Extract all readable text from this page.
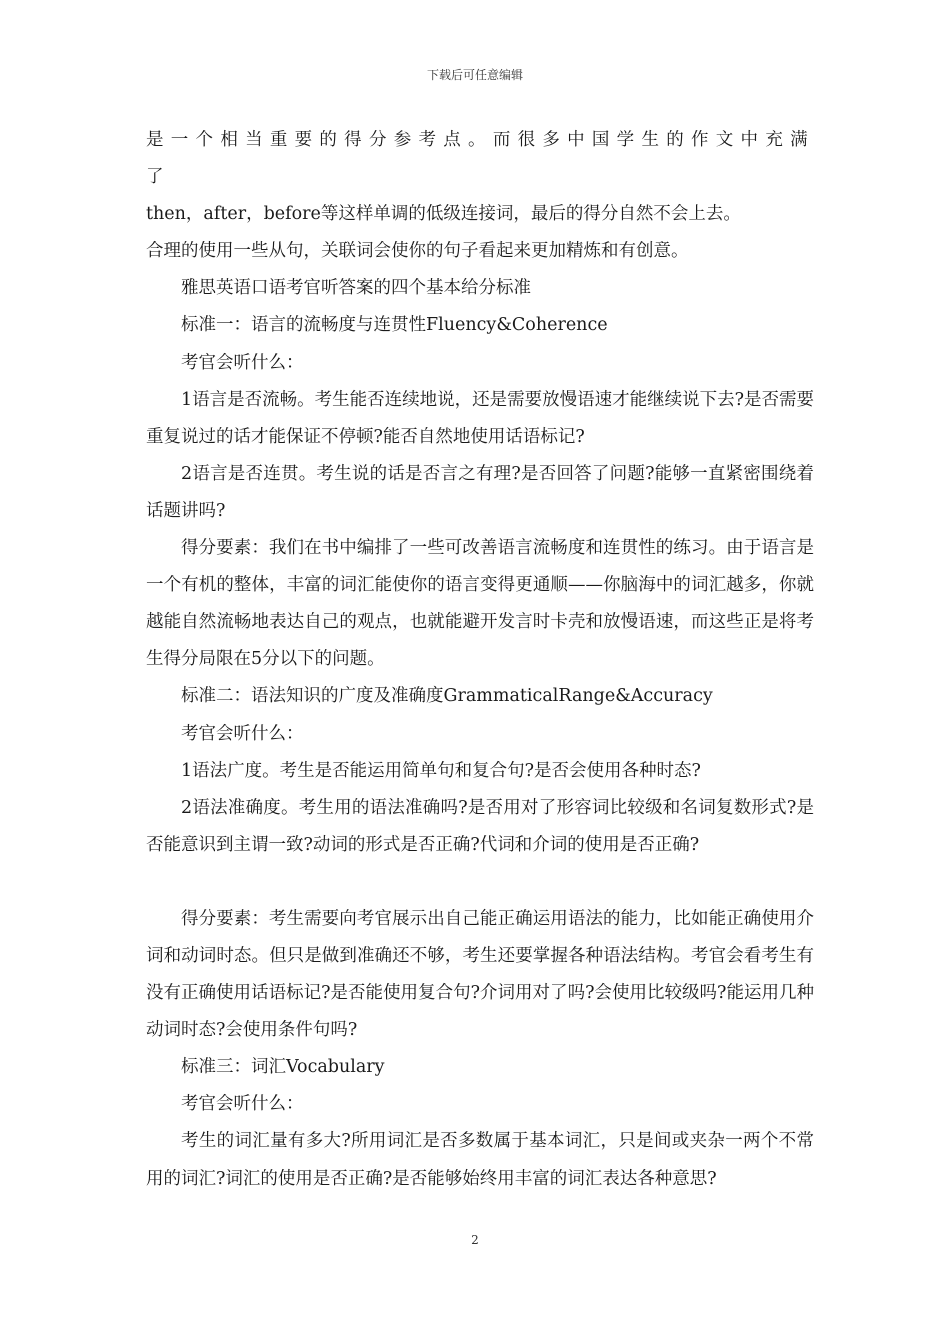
下载后可任意编辑

是一个相当重要的得分参考点。而很多中国学生的作文中充满了

then，after，before等这样单调的低级连接词，最后的得分自然不会上去。

合理的使用一些从句，关联词会使你的句子看起来更加精炼和有创意。

雅思英语口语考官听答案的四个基本给分标准

标准一：语言的流畅度与连贯性Fluency&Coherence

考官会听什么：

1语言是否流畅。考生能否连续地说，还是需要放慢语速才能继续说下去?是否需要重复说过的话才能保证不停顿?能否自然地使用话语标记?

2语言是否连贯。考生说的话是否言之有理?是否回答了问题?能够一直紧密围绕着话题讲吗?

得分要素：我们在书中编排了一些可改善语言流畅度和连贯性的练习。由于语言是一个有机的整体，丰富的词汇能使你的语言变得更通顺——你脑海中的词汇越多，你就越能自然流畅地表达自己的观点，也就能避开发言时卡壳和放慢语速，而这些正是将考生得分局限在5分以下的问题。

标准二：语法知识的广度及准确度GrammaticalRange&Accuracy

考官会听什么：

1语法广度。考生是否能运用简单句和复合句?是否会使用各种时态?

2语法准确度。考生用的语法准确吗?是否用对了形容词比较级和名词复数形式?是否能意识到主谓一致?动词的形式是否正确?代词和介词的使用是否正确?

得分要素：考生需要向考官展示出自己能正确运用语法的能力，比如能正确使用介词和动词时态。但只是做到准确还不够，考生还要掌握各种语法结构。考官会看考生有没有正确使用话语标记?是否能使用复合句?介词用对了吗?会使用比较级吗?能运用几种动词时态?会使用条件句吗?

标准三：词汇Vocabulary

考官会听什么：

考生的词汇量有多大?所用词汇是否多数属于基本词汇，只是间或夹杂一两个不常用的词汇?词汇的使用是否正确?是否能够始终用丰富的词汇表达各种意思?

2
